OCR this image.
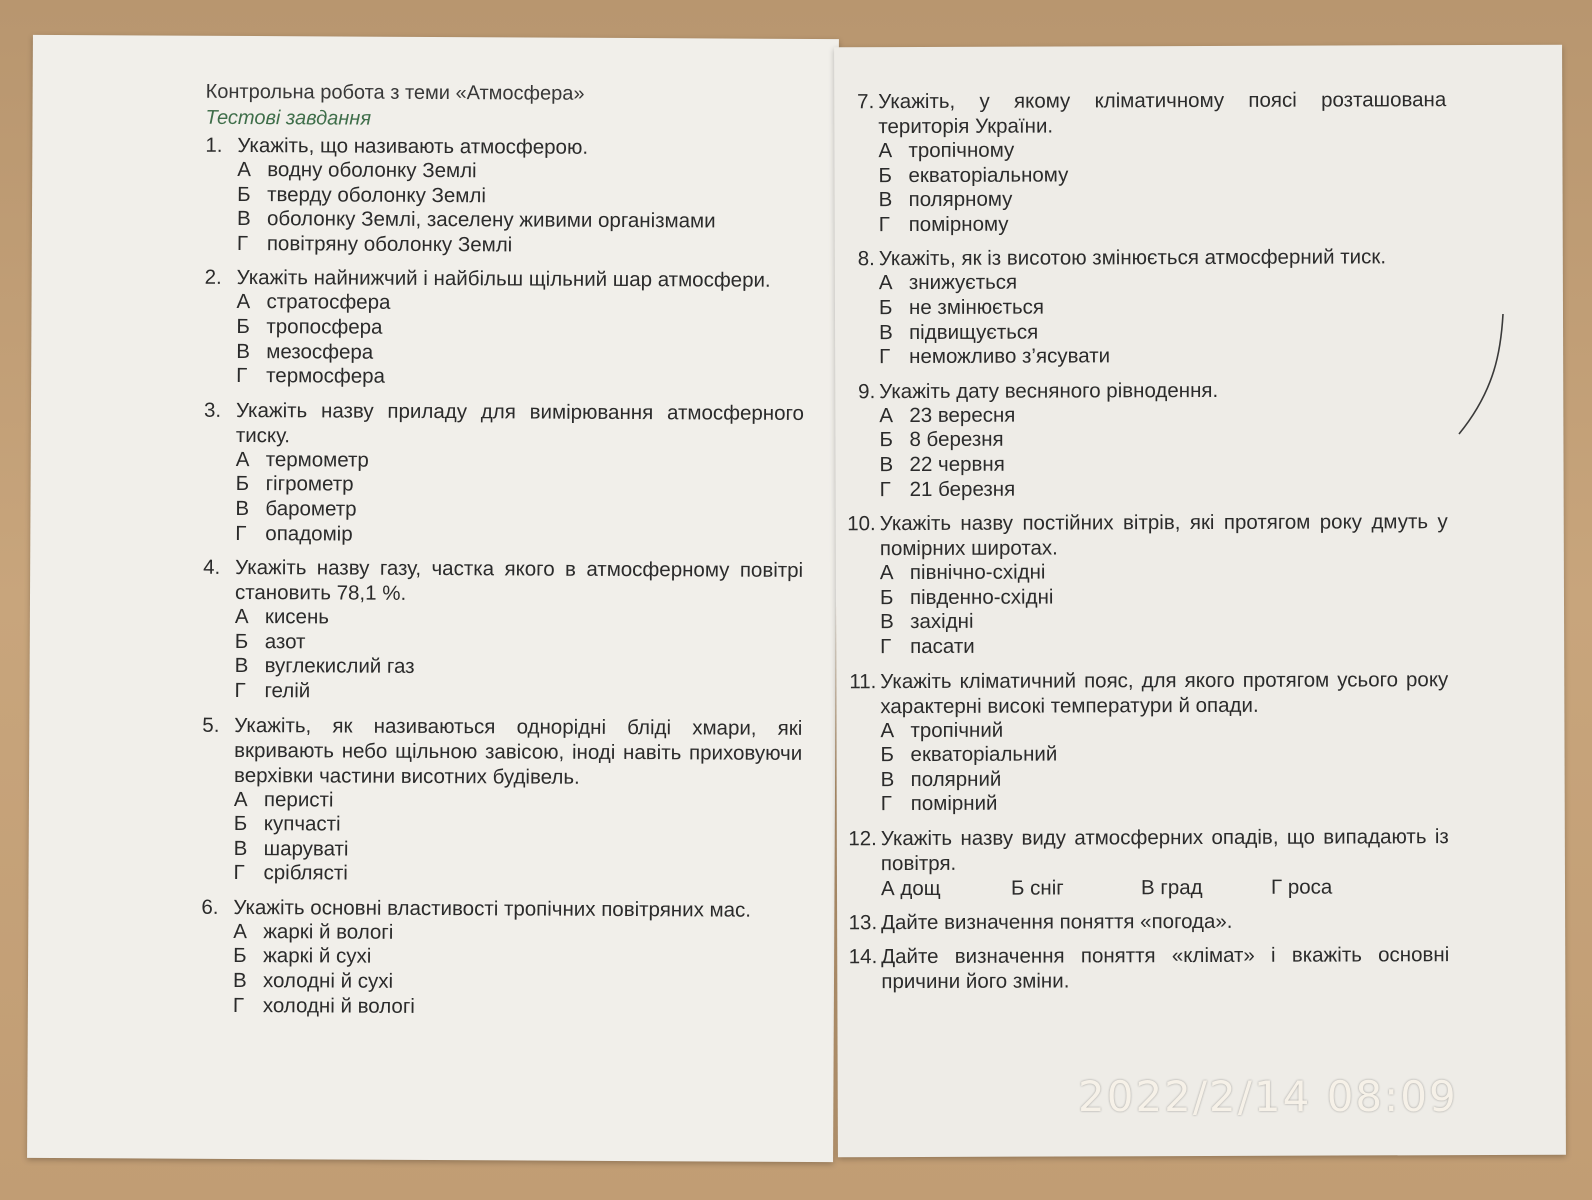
Контрольна робота з теми «Атмосфера»
Тестові завдання
1. Укажіть, що називають атмосферою.
А водну оболонку Землі
Б тверду оболонку Землі
В оболонку Землі, заселену живими організмами
Г повітряну оболонку Землі
2. Укажіть найнижчий і найбільш щільний шар атмосфери.
А стратосфера
Б тропосфера
В мезосфера
Г термосфера
3. Укажіть назву приладу для вимірювання атмосферного тиску.
А термометр
Б гігрометр
В барометр
Г опадомір
4. Укажіть назву газу, частка якого в атмосферному повітрі становить 78,1 %.
А кисень
Б азот
В вуглекислий газ
Г гелій
5. Укажіть, як називаються однорідні бліді хмари, які вкривають небо щільною завісою, іноді навіть приховуючи верхівки частини висотних будівель.
А перисті
Б купчасті
В шаруваті
Г сріблясті
6. Укажіть основні властивості тропічних повітряних мас.
А жаркі й вологі
Б жаркі й сухі
В холодні й сухі
Г холодні й вологі
7. Укажіть, у якому кліматичному поясі розташована територія України.
А тропічному
Б екваторіальному
В полярному
Г помірному
8. Укажіть, як із висотою змінюється атмосферний тиск.
А знижується
Б не змінюється
В підвищується
Г неможливо з’ясувати
9. Укажіть дату весняного рівнодення.
А 23 вересня
Б 8 березня
В 22 червня
Г 21 березня
10. Укажіть назву постійних вітрів, які протягом року дмуть у помірних широтах.
А північно-східні
Б південно-східні
В західні
Г пасати
11. Укажіть кліматичний пояс, для якого протягом усього року характерні високі температури й опади.
А тропічний
Б екваторіальний
В полярний
Г помірний
12. Укажіть назву виду атмосферних опадів, що випадають із повітря.
А дощ	Б сніг	В град	Г роса
13. Дайте визначення поняття «погода».
14. Дайте визначення поняття «клімат» і вкажіть основні причини його зміни.
2022/2/14 08:09
